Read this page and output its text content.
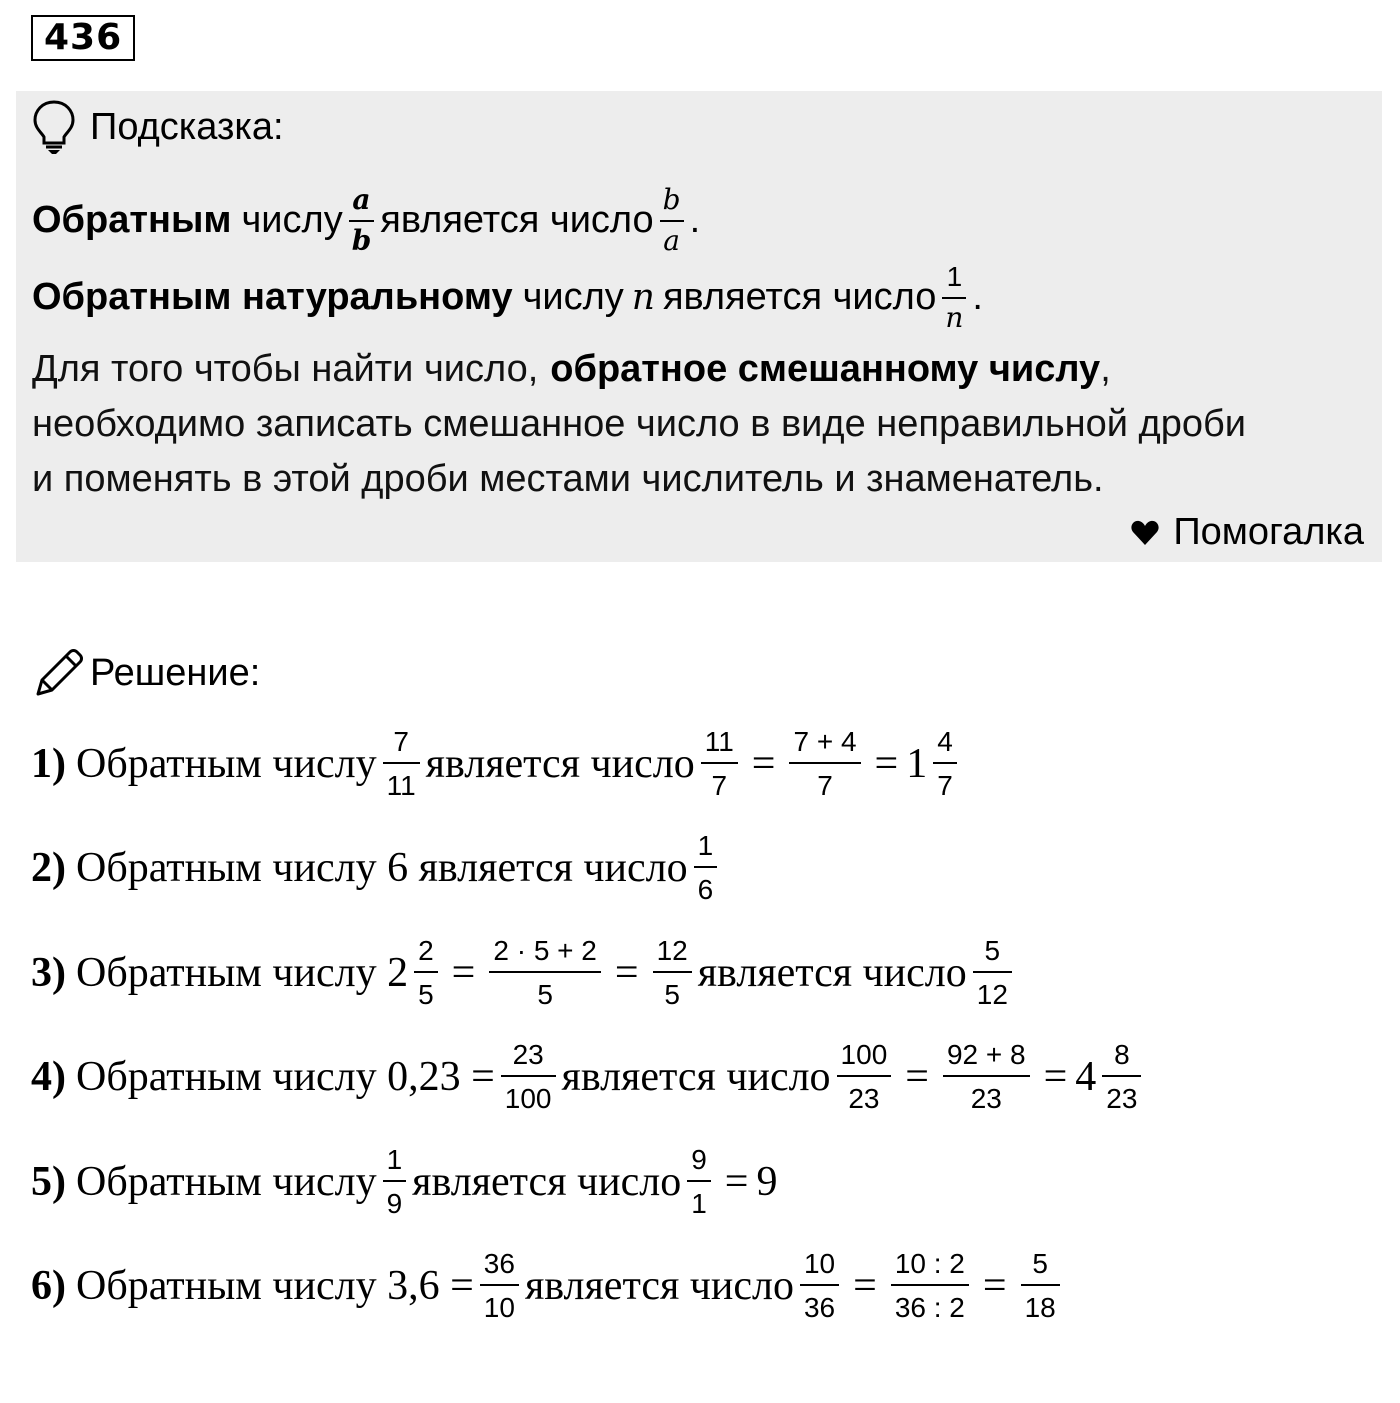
436
Подсказка:
Обратным числу $\frac{a}{b}$ является число $\frac{b}{a}$ .
Обратным натуральному числу n является число $\frac{1}{n}$ .
Для того чтобы найти число, обратное смешанному числу ,
необходимо записать смешанное число в виде неправильной дроби
и поменять в этой дроби местами числитель и знаменатель.
Помогалка
Решение:
1) Обратным числу $\frac{7}{11}$ является число $\frac{11}{7} = \frac{7 + 4}{7} = 1 \frac{4}{7}$
2) Обратным числу 6 является число $\frac{1}{6}$
3) Обратным числу $2 \frac{2}{5} = \frac{2 \cdot 5 + 2}{5} = \frac{12}{5}$ является число $\frac{5}{12}$
4) Обратным числу $0,23 = \frac{23}{100}$ является число $\frac{100}{23} = \frac{92 + 8}{23} = 4 \frac{8}{23}$
5) Обратным числу $\frac{1}{9}$ является число $\frac{9}{1} = 9$
6) Обратным числу $3,6 = \frac{36}{10}$ является число $\frac{10}{36} = \frac{10 : 2}{36 : 2} = \frac{5}{18}$
